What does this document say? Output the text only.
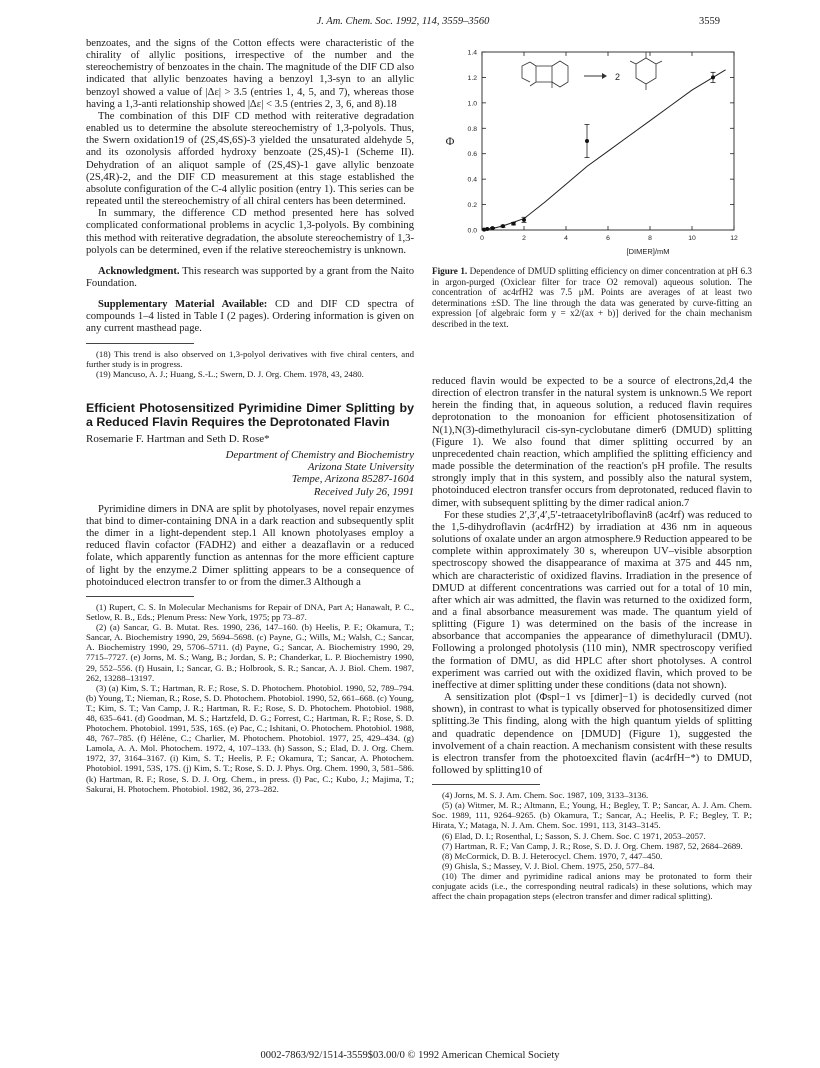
J. Am. Chem. Soc. 1992, 114, 3559–3560	3559

benzoates, and the signs of the Cotton effects were characteristic of the chirality of allylic positions, irrespective of the number and the stereochemistry of benzoates in the chain. The magnitude of the DIF CD also indicated that allylic benzoates having a benzoyl 1,3-syn to an allylic benzoyl showed a value of |Δε| > 3.5 (entries 1, 4, 5, and 7), whereas those having a 1,3-anti relationship showed |Δε| < 3.5 (entries 2, 3, 6, and 8).18

The combination of this DIF CD method with reiterative degradation enabled us to determine the absolute stereochemistry of 1,3-polyols. Thus, the Swern oxidation19 of (2S,4S,6S)-3 yielded the unsaturated aldehyde 5, and its ozonolysis afforded hydroxy benzoate (2S,4S)-1 (Scheme II). Dehydration of an aliquot sample of (2S,4S)-1 gave allylic benzoate (2S,4R)-2, and the DIF CD measurement at this stage established the absolute configuration of the C-4 allylic position (entry 1). This series can be repeated until the stereochemistry of all chiral centers has been determined.

In summary, the difference CD method presented here has solved complicated conformational problems in acyclic 1,3-polyols. By combining this method with reiterative degradation, the absolute stereochemistry of 1,3-polyols can be determined, even if the relative stereochemistry is unknown.

Acknowledgment. This research was supported by a grant from the Naito Foundation.

Supplementary Material Available: CD and DIF CD spectra of compounds 1–4 listed in Table I (2 pages). Ordering information is given on any current masthead page.

(18) This trend is also observed on 1,3-polyol derivatives with five chiral centers, and further study is in progress.

(19) Mancuso, A. J.; Huang, S.-L.; Swern, D. J. Org. Chem. 1978, 43, 2480.

Efficient Photosensitized Pyrimidine Dimer Splitting by a Reduced Flavin Requires the Deprotonated Flavin
Rosemarie F. Hartman and Seth D. Rose*
Department of Chemistry and Biochemistry
Arizona State University
Tempe, Arizona 85287-1604
Received July 26, 1991

Pyrimidine dimers in DNA are split by photolyases, novel repair enzymes that bind to dimer-containing DNA in a dark reaction and subsequently split the dimer in a light-dependent step.1 All known photolyases employ a reduced flavin cofactor (FADH2) and either a deazaflavin or a reduced folate, which apparently function as antennas for the more efficient capture of light by the enzyme.2 Dimer splitting appears to be a consequence of photoinduced electron transfer to or from the dimer.3 Although a

(1) Rupert, C. S. In Molecular Mechanisms for Repair of DNA, Part A; Hanawalt, P. C., Setlow, R. B., Eds.; Plenum Press: New York, 1975; pp 73–87.

(2) (a) Sancar, G. B. Mutat. Res. 1990, 236, 147–160. (b) Heelis, P. F.; Okamura, T.; Sancar, A. Biochemistry 1990, 29, 5694–5698. (c) Payne, G.; Wills, M.; Walsh, C.; Sancar, A. Biochemistry 1990, 29, 5706–5711. (d) Payne, G.; Sancar, A. Biochemistry 1990, 29, 7715–7727. (e) Jorns, M. S.; Wang, B.; Jordan, S. P.; Chanderkar, L. P. Biochemistry 1990, 29, 552–556. (f) Husain, I.; Sancar, G. B.; Holbrook, S. R.; Sancar, A. J. Biol. Chem. 1987, 262, 13288–13197.

(3) (a) Kim, S. T.; Hartman, R. F.; Rose, S. D. Photochem. Photobiol. 1990, 52, 789–794. (b) Young, T.; Nieman, R.; Rose, S. D. Photochem. Photobiol. 1990, 52, 661–668. (c) Young, T.; Kim, S. T.; Van Camp, J. R.; Hartman, R. F.; Rose, S. D. Photochem. Photobiol. 1988, 48, 635–641. (d) Goodman, M. S.; Hartzfeld, D. G.; Forrest, C.; Hartman, R. F.; Rose, S. D. Photochem. Photobiol. 1991, 53S, 16S. (e) Pac, C.; Ishitani, O. Photochem. Photobiol. 1988, 48, 767–785. (f) Hélène, C.; Charlier, M. Photochem. Photobiol. 1977, 25, 429–434. (g) Lamola, A. A. Mol. Photochem. 1972, 4, 107–133. (h) Sasson, S.; Elad, D. J. Org. Chem. 1972, 37, 3164–3167. (i) Kim, S. T.; Heelis, P. F.; Okamura, T.; Sancar, A. Photochem. Photobiol. 1991, 53S, 17S. (j) Kim, S. T.; Rose, S. D. J. Phys. Org. Chem. 1990, 3, 581–586. (k) Hartman, R. F.; Rose, S. D. J. Org. Chem., in press. (l) Pac, C.; Kubo, J.; Majima, T.; Sakurai, H. Photochem. Photobiol. 1982, 36, 273–282.

0	2	4	6	8	10	12
0.0
0.2
0.4
0.6
0.8
1.0
1.2
1.4
[DIMER]/mM
Φ
2
Figure 1. Dependence of DMUD splitting efficiency on dimer concentration at pH 6.3 in argon-purged (Oxiclear filter for trace O2 removal) aqueous solution. The concentration of ac4rfH2 was 7.5 μM. Points are averages of at least two determinations ±SD. The line through the data was generated by curve-fitting an expression [of algebraic form y = x2/(ax + b)] derived for the chain mechanism described in the text.

reduced flavin would be expected to be a source of electrons,2d,4 the direction of electron transfer in the natural system is unknown.5 We report herein the finding that, in aqueous solution, a reduced flavin requires deprotonation to the monoanion for efficient photosensitization of N(1),N(3)-dimethyluracil cis-syn-cyclobutane dimer6 (DMUD) splitting (Figure 1). We also found that dimer splitting occurred by an unprecedented chain reaction, which amplified the splitting efficiency and made possible the determination of the reaction's pH profile. The results strongly imply that in this system, and possibly also the natural system, photoinduced electron transfer occurs from deprotonated, reduced flavin to dimer, with subsequent splitting by the dimer radical anion.7

For these studies 2′,3′,4′,5′-tetraacetylriboflavin8 (ac4rf) was reduced to the 1,5-dihydroflavin (ac4rfH2) by irradiation at 436 nm in aqueous solutions of oxalate under an argon atmosphere.9 Reduction appeared to be complete within approximately 30 s, whereupon UV–visible absorption spectroscopy showed the disappearance of maxima at 375 and 445 nm, which are characteristic of oxidized flavins. Irradiation in the presence of DMUD at different concentrations was carried out for a total of 10 min, after which air was admitted, the flavin was returned to the oxidized form, and a final absorbance measurement was made. The quantum yield of splitting (Figure 1) was determined on the basis of the increase in absorbance that accompanies the appearance of dimethyluracil (DMU). Following a prolonged photolysis (110 min), NMR spectroscopy verified the formation of DMU, as did HPLC after short photolyses. A control experiment was carried out with the oxidized flavin, which proved to be ineffective at dimer splitting under these conditions (data not shown).

A sensitization plot (Φspl−1 vs [dimer]−1) is decidedly curved (not shown), in contrast to what is typically observed for photosensitized dimer splitting.3e This finding, along with the high quantum yields of splitting and quadratic dependence on [DMUD] (Figure 1), suggested the involvement of a chain reaction. A mechanism consistent with these results is electron transfer from the photoexcited flavin (ac4rfH−*) to DMUD, followed by splitting10 of

(4) Jorns, M. S. J. Am. Chem. Soc. 1987, 109, 3133–3136.

(5) (a) Witmer, M. R.; Altmann, E.; Young, H.; Begley, T. P.; Sancar, A. J. Am. Chem. Soc. 1989, 111, 9264–9265. (b) Okamura, T.; Sancar, A.; Heelis, P. F.; Begley, T. P.; Hirata, Y.; Mataga, N. J. Am. Chem. Soc. 1991, 113, 3143–3145.

(6) Elad, D. I.; Rosenthal, I.; Sasson, S. J. Chem. Soc. C 1971, 2053–2057.

(7) Hartman, R. F.; Van Camp, J. R.; Rose, S. D. J. Org. Chem. 1987, 52, 2684–2689.

(8) McCormick, D. B. J. Heterocycl. Chem. 1970, 7, 447–450.

(9) Ghisla, S.; Massey, V. J. Biol. Chem. 1975, 250, 577–84.

(10) The dimer and pyrimidine radical anions may be protonated to form their conjugate acids (i.e., the corresponding neutral radicals) in these solutions, which may affect the chain propagation steps (electron transfer and dimer radical splitting).

0002-7863/92/1514-3559$03.00/0 © 1992 American Chemical Society
